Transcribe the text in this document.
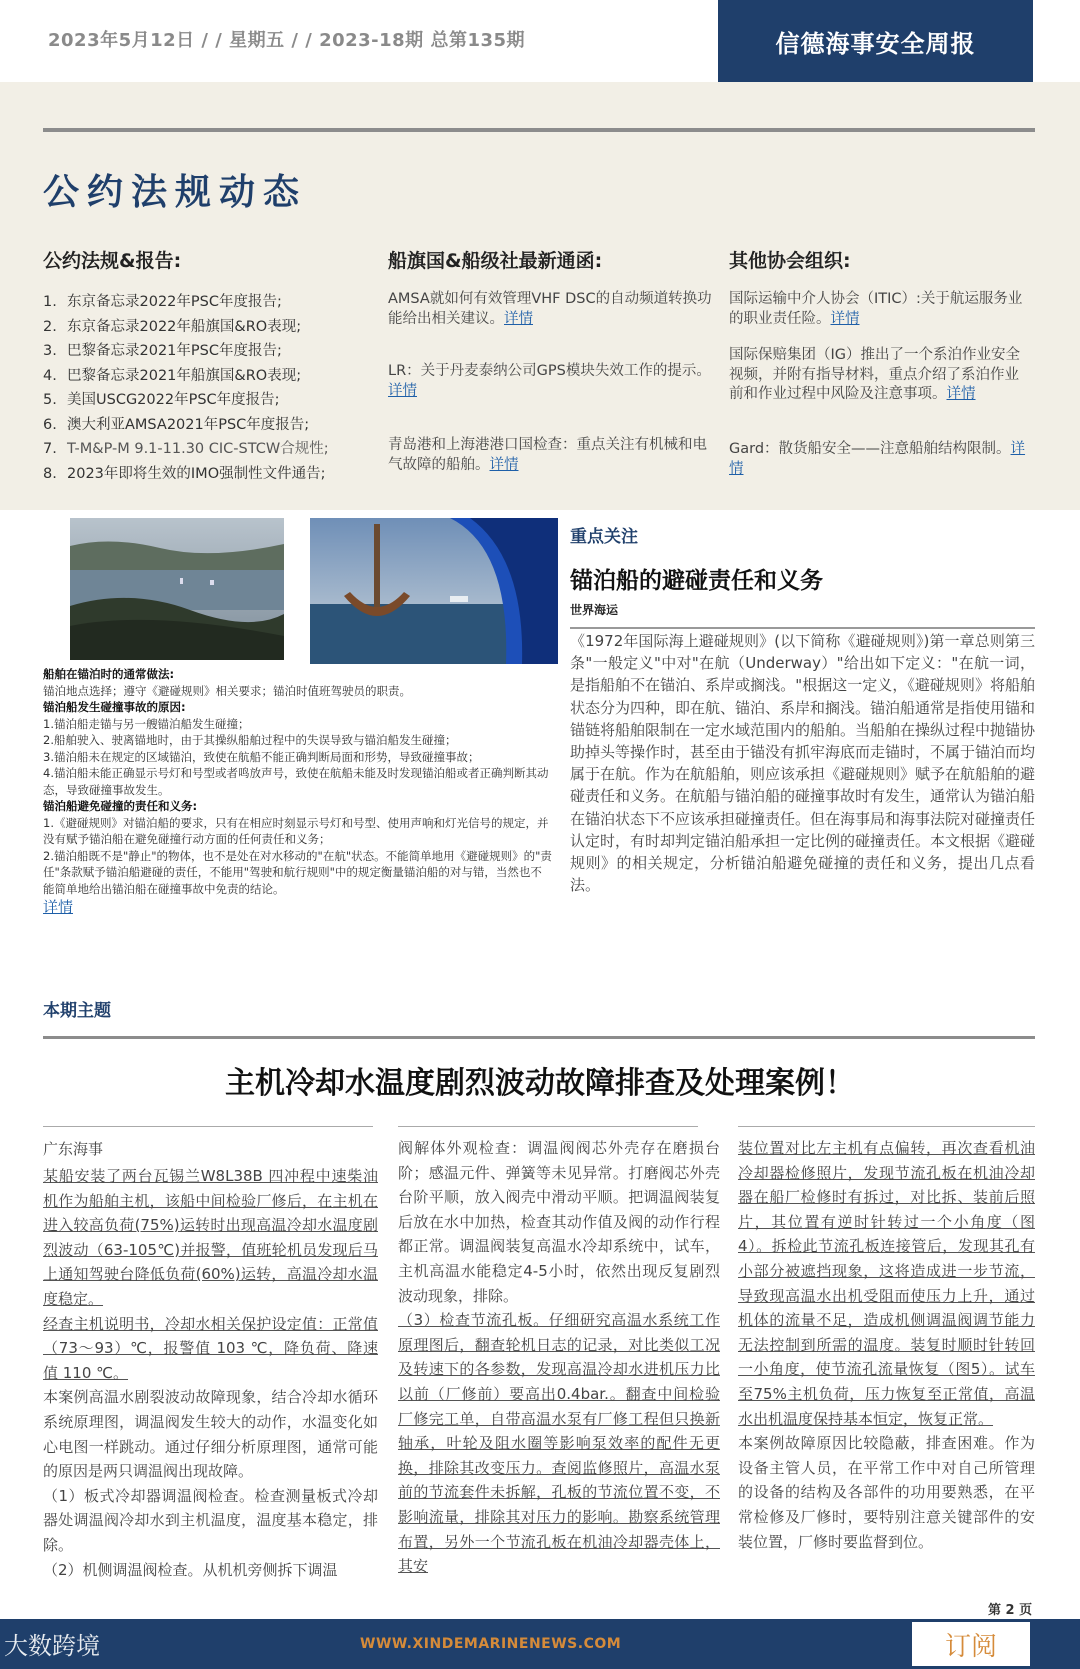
2023年5月12日 / / 星期五 / / 2023-18期 总第135期	信德海事安全周报
公约法规动态
公约法规&报告:	船旗国&船级社最新通函:	其他协会组织:
1. 东京备忘录2022年PSC年度报告;
2. 东京备忘录2022年船旗国&RO表现;
3. 巴黎备忘录2021年PSC年度报告;
4. 巴黎备忘录2021年船旗国&RO表现;
5. 美国USCG2022年PSC年度报告;
6. 澳大利亚AMSA2021年PSC年度报告;
7. T-M&P-M 9.1-11.30 CIC-STCW合规性;
8. 2023年即将生效的IMO强制性文件通告;
AMSA就如何有效管理VHF DSC的自动频道转换功能给出相关建议。详情
LR：关于丹麦泰纳公司GPS模块失效工作的提示。详情
青岛港和上海港港口国检查：重点关注有机械和电气故障的船舶。详情
国际运输中介人协会（ITIC）:关于航运服务业的职业责任险。详情
国际保赔集团（IG）推出了一个系泊作业安全视频，并附有指导材料，重点介绍了系泊作业前和作业过程中风险及注意事项。详情
Gard：散货船安全——注意船舶结构限制。详情
重点关注
锚泊船的避碰责任和义务
世界海运
《1972年国际海上避碰规则》(以下简称《避碰规则》)第一章总则第三条"一般定义"中对"在航（Underway）"给出如下定义："在航一词，是指船舶不在锚泊、系岸或搁浅。"根据这一定义，《避碰规则》将船舶状态分为四种，即在航、锚泊、系岸和搁浅。锚泊船通常是指使用锚和锚链将船舶限制在一定水域范围内的船舶。当船舶在操纵过程中抛锚协助掉头等操作时，甚至由于锚没有抓牢海底而走锚时，不属于锚泊而均属于在航。作为在航船舶，则应该承担《避碰规则》赋予在航船舶的避碰责任和义务。在航船与锚泊船的碰撞事故时有发生，通常认为锚泊船在锚泊状态下不应该承担碰撞责任。但在海事局和海事法院对碰撞责任认定时，有时却判定锚泊船承担一定比例的碰撞责任。本文根据《避碰规则》的相关规定，分析锚泊船避免碰撞的责任和义务，提出几点看法。
船舶在锚泊时的通常做法:
锚泊地点选择；遵守《避碰规则》相关要求；锚泊时值班驾驶员的职责。
锚泊船发生碰撞事故的原因:
1.锚泊船走锚与另一艘锚泊船发生碰撞；
2.船舶驶入、驶离锚地时，由于其操纵船舶过程中的失误导致与锚泊船发生碰撞；
3.锚泊船未在规定的区域锚泊，致使在航船不能正确判断局面和形势，导致碰撞事故；
4.锚泊船未能正确显示号灯和号型或者鸣放声号，致使在航船未能及时发现锚泊船或者正确判断其动态，导致碰撞事故发生。
锚泊船避免碰撞的责任和义务:
1.《避碰规则》对锚泊船的要求，只有在相应时刻显示号灯和号型、使用声响和灯光信号的规定，并没有赋予锚泊船在避免碰撞行动方面的任何责任和义务；
2.锚泊船既不是"静止"的物体，也不是处在对水移动的"在航"状态。不能简单地用《避碰规则》的"责任"条款赋予锚泊船避碰的责任，不能用"驾驶和航行规则"中的规定衡量锚泊船的对与错，当然也不能简单地给出锚泊船在碰撞事故中免责的结论。
详情
本期主题
主机冷却水温度剧烈波动故障排查及处理案例！
广东海事
某船安装了两台瓦锡兰W8L38B 四冲程中速柴油机作为船舶主机，该船中间检验厂修后，在主机在进入较高负荷(75%)运转时出现高温冷却水温度剧烈波动（63-105℃)并报警，值班轮机员发现后马上通知驾驶台降低负荷(60%)运转，高温冷却水温度稳定。
经查主机说明书，冷却水相关保护设定值：正常值（73～93）℃，报警值 103 ℃，降负荷、降速值 110 ℃。
本案例高温水剧裂波动故障现象，结合冷却水循环系统原理图，调温阀发生较大的动作，水温变化如心电图一样跳动。通过仔细分析原理图，通常可能的原因是两只调温阀出现故障。
（1）板式冷却器调温阀检查。检查测量板式冷却器处调温阀冷却水到主机温度，温度基本稳定，排除。
（2）机侧调温阀检查。从机机旁侧拆下调温
阀解体外观检查：调温阀阀芯外壳存在磨损台阶；感温元件、弹簧等未见异常。打磨阀芯外壳台阶平顺，放入阀壳中滑动平顺。把调温阀装复后放在水中加热，检查其动作值及阀的动作行程都正常。调温阀装复高温水冷却系统中，试车，主机高温水能稳定4-5小时，依然出现反复剧烈波动现象，排除。
（3）检查节流孔板。仔细研究高温水系统工作原理图后，翻查轮机日志的记录，对比类似工况及转速下的各参数，发现高温冷却水进机压力比以前（厂修前）要高出0.4bar.。翻查中间检验厂修完工单，自带高温水泵有厂修工程但只换新轴承，叶轮及阻水圈等影响泵效率的配件无更换，排除其改变压力。查阅监修照片，高温水泵前的节流套件未拆解，孔板的节流位置不变，不影响流量，排除其对压力的影响。勘察系统管理布置，另外一个节流孔板在机油冷却器壳体上，其安
装位置对比左主机有点偏转，再次查看机油冷却器检修照片，发现节流孔板在机油冷却器在船厂检修时有拆过，对比拆、装前后照片，其位置有逆时针转过一个小角度（图4）。拆检此节流孔板连接管后，发现其孔有小部分被遮挡现象，这将造成进一步节流，导致现高温水出机受阻而使压力上升，通过机体的流量不足，造成机侧调温阀调节能力无法控制到所需的温度。装复时顺时针转回一小角度，使节流孔流量恢复（图5）。试车至75%主机负荷，压力恢复至正常值，高温水出机温度保持基本恒定，恢复正常。
本案例故障原因比较隐蔽，排查困难。作为设备主管人员，在平常工作中对自己所管理的设备的结构及各部件的功用要熟悉，在平常检修及厂修时，要特别注意关键部件的安装位置，厂修时要监督到位。
第 2 页
大数跨境	WWW.XINDEMARINENEWS.COM	订阅
